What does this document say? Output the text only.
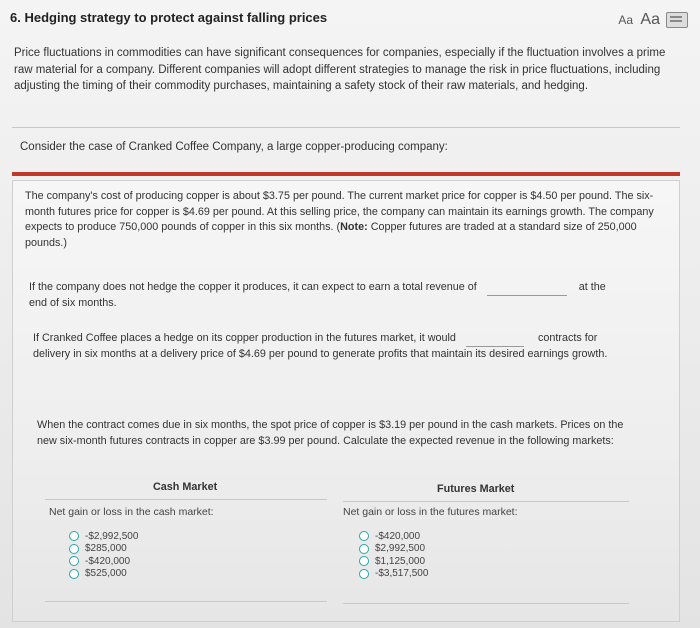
6. Hedging strategy to protect against falling prices	Aa Aa
Price fluctuations in commodities can have significant consequences for companies, especially if the fluctuation involves a prime raw material for a company. Different companies will adopt different strategies to manage the risk in price fluctuations, including adjusting the timing of their commodity purchases, maintaining a safety stock of their raw materials, and hedging.
Consider the case of Cranked Coffee Company, a large copper-producing company:
The company's cost of producing copper is about $3.75 per pound. The current market price for copper is $4.50 per pound. The six-month futures price for copper is $4.69 per pound. At this selling price, the company can maintain its earnings growth. The company expects to produce 750,000 pounds of copper in this six months. (Note: Copper futures are traded at a standard size of 250,000 pounds.)
If the company does not hedge the copper it produces, it can expect to earn a total revenue of	at the
end of six months.
If Cranked Coffee places a hedge on its copper production in the futures market, it would	contracts for
delivery in six months at a delivery price of $4.69 per pound to generate profits that maintain its desired earnings growth.
When the contract comes due in six months, the spot price of copper is $3.19 per pound in the cash markets. Prices on the new six-month futures contracts in copper are $3.99 per pound. Calculate the expected revenue in the following markets:
Cash Market
Net gain or loss in the cash market:
-$2,992,500
$285,000
-$420,000
$525,000
Futures Market
Net gain or loss in the futures market:
-$420,000
$2,992,500
$1,125,000
-$3,517,500
